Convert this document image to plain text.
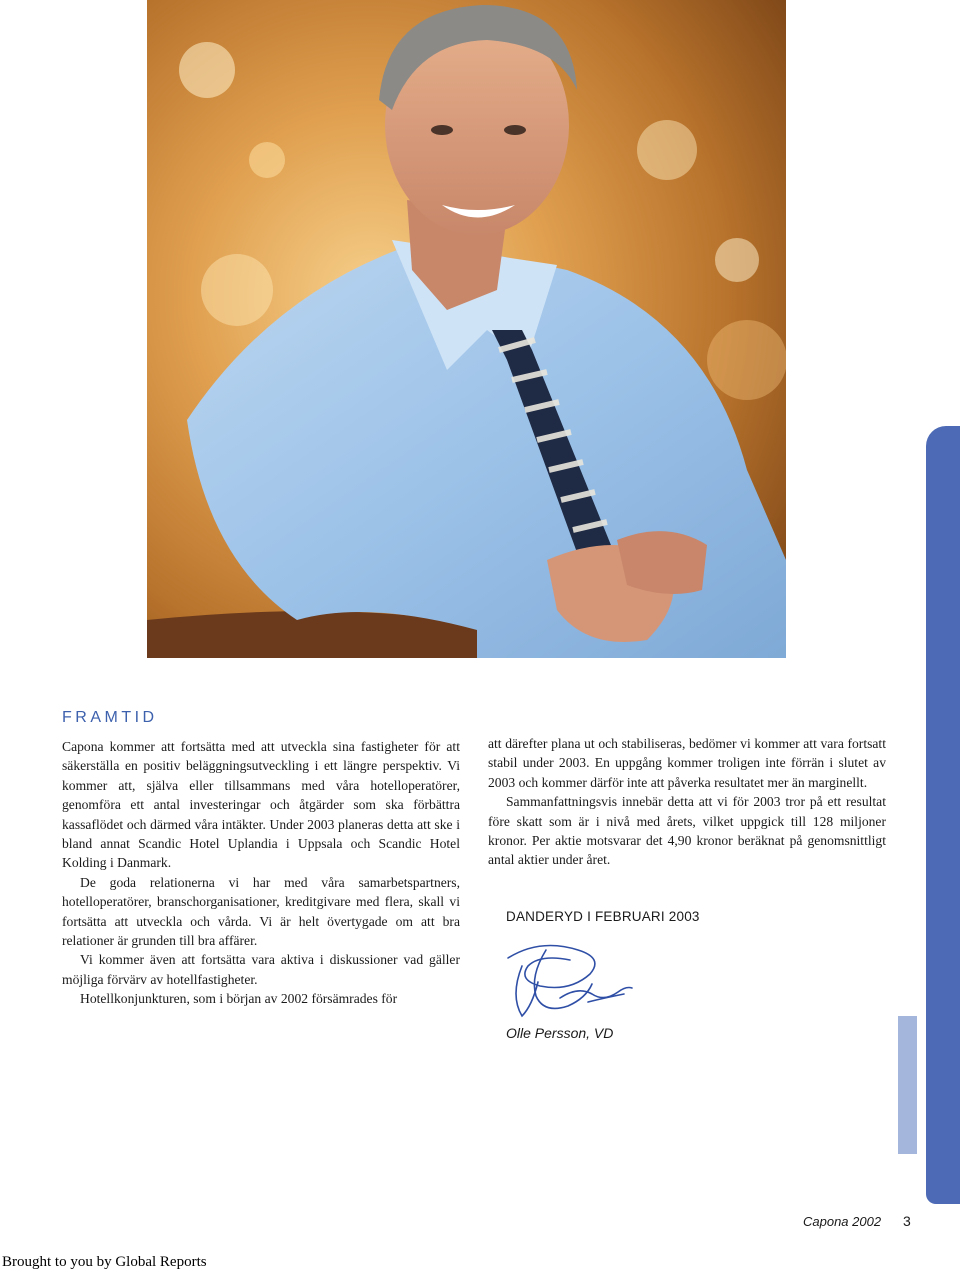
FRAMTID

Capona kommer att fortsätta med att utveckla sina fastigheter för att säkerställa en positiv beläggningsutveckling i ett längre perspektiv. Vi kommer att, själva eller tillsammans med våra hotelloperatörer, genomföra ett antal investeringar och åtgärder som ska förbättra kassaflödet och därmed våra intäkter. Under 2003 planeras detta att ske i bland annat Scandic Hotel Uplandia i Uppsala och Scandic Hotel Kolding i Danmark.

De goda relationerna vi har med våra samarbetspartners, hotelloperatörer, branschorganisationer, kreditgivare med flera, skall vi fortsätta att utveckla och vårda. Vi är helt övertygade om att bra relationer är grunden till bra affärer.

Vi kommer även att fortsätta vara aktiva i diskussioner vad gäller möjliga förvärv av hotellfastigheter.

Hotellkonjunkturen, som i början av 2002 försämrades för

att därefter plana ut och stabiliseras, bedömer vi kommer att vara fortsatt stabil under 2003. En uppgång kommer troligen inte förrän i slutet av 2003 och kommer därför inte att påverka resultatet mer än marginellt.

Sammanfattningsvis innebär detta att vi för 2003 tror på ett resultat före skatt som är i nivå med årets, vilket uppgick till 128 miljoner kronor. Per aktie motsvarar det 4,90 kronor beräknat på genomsnittligt antal aktier under året.

DANDERYD I FEBRUARI 2003
Olle Persson, VD
Capona 2002 3
Brought to you by Global Reports
